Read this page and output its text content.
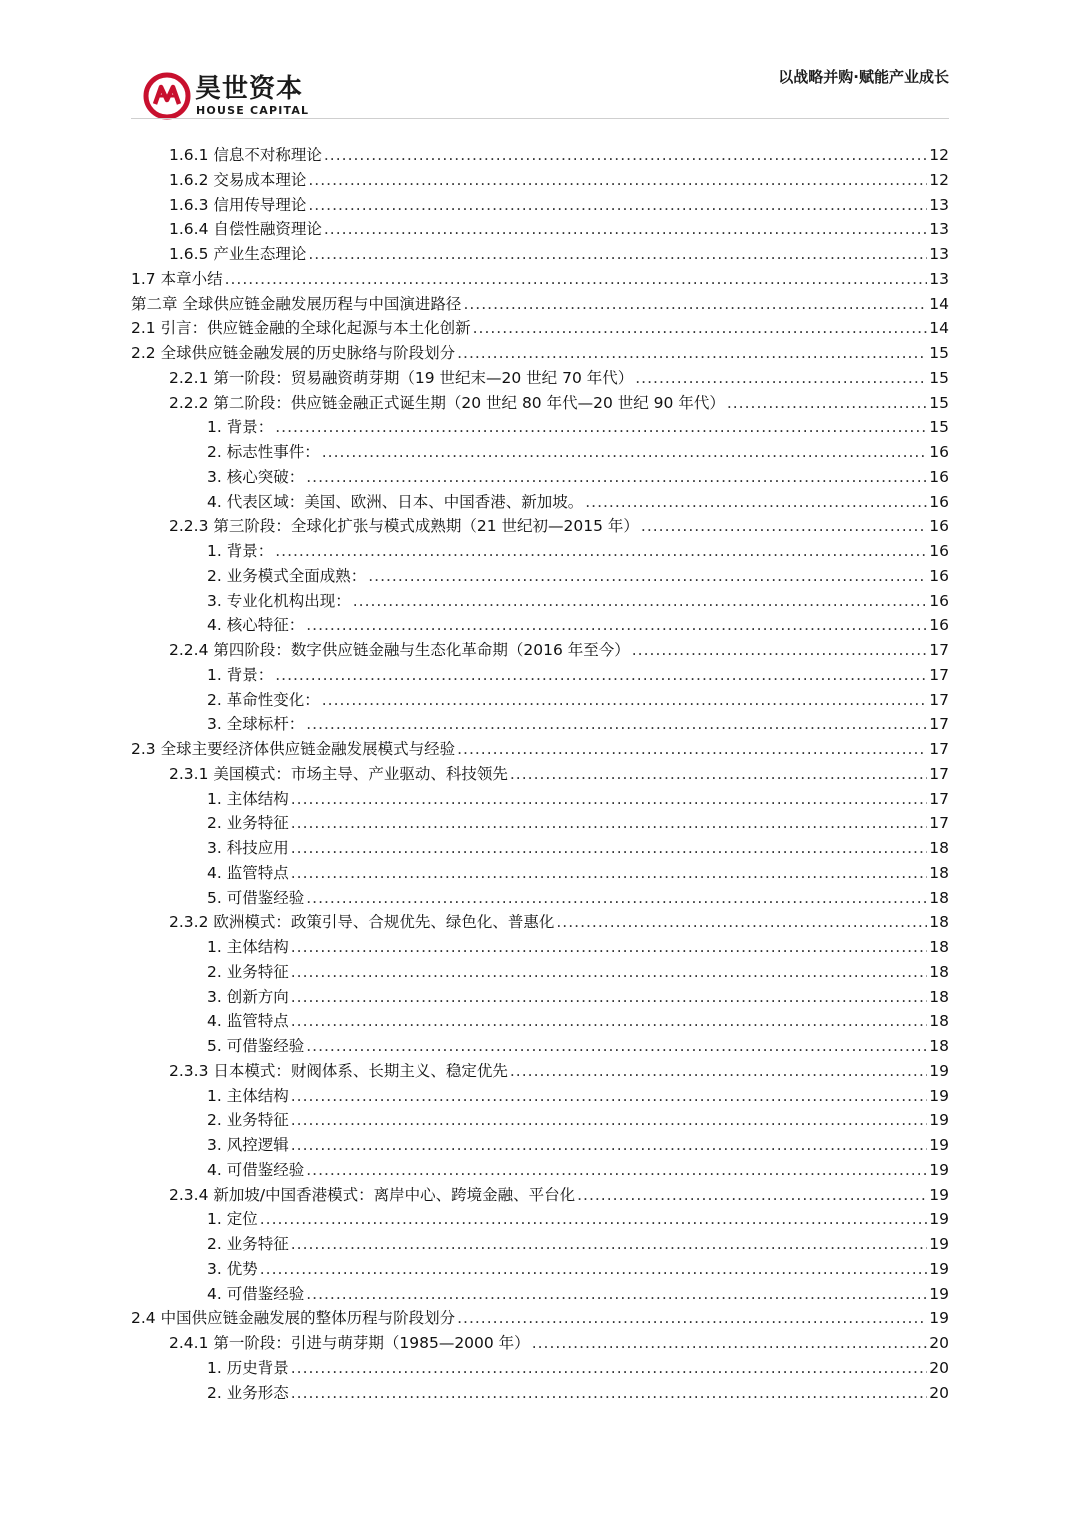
昊世资本
HOUSE CAPITAL
以战略并购·赋能产业成长
1.6.1 信息不对称理论 .....	12
1.6.2 交易成本理论 .....	12
1.6.3 信用传导理论 .....	13
1.6.4 自偿性融资理论 .....	13
1.6.5 产业生态理论 .....	13
1.7 本章小结 .....	13
第二章 全球供应链金融发展历程与中国演进路径 .....	14
2.1 引言：供应链金融的全球化起源与本土化创新 .....	14
2.2 全球供应链金融发展的历史脉络与阶段划分 .....	15
2.2.1 第一阶段：贸易融资萌芽期（19 世纪末—20 世纪 70 年代） .....	15
2.2.2 第二阶段：供应链金融正式诞生期（20 世纪 80 年代—20 世纪 90 年代） .....	15
1. 背景： .....	15
2. 标志性事件： .....	16
3. 核心突破： .....	16
4. 代表区域：美国、欧洲、日本、中国香港、新加坡。 .....	16
2.2.3 第三阶段：全球化扩张与模式成熟期（21 世纪初—2015 年） .....	16
1. 背景： .....	16
2. 业务模式全面成熟： .....	16
3. 专业化机构出现： .....	16
4. 核心特征： .....	16
2.2.4 第四阶段：数字供应链金融与生态化革命期（2016 年至今） .....	17
1. 背景： .....	17
2. 革命性变化： .....	17
3. 全球标杆： .....	17
2.3 全球主要经济体供应链金融发展模式与经验 .....	17
2.3.1 美国模式：市场主导、产业驱动、科技领先 .....	17
1. 主体结构 .....	17
2. 业务特征 .....	17
3. 科技应用 .....	18
4. 监管特点 .....	18
5. 可借鉴经验 .....	18
2.3.2 欧洲模式：政策引导、合规优先、绿色化、普惠化 .....	18
1. 主体结构 .....	18
2. 业务特征 .....	18
3. 创新方向 .....	18
4. 监管特点 .....	18
5. 可借鉴经验 .....	18
2.3.3 日本模式：财阀体系、长期主义、稳定优先 .....	19
1. 主体结构 .....	19
2. 业务特征 .....	19
3. 风控逻辑 .....	19
4. 可借鉴经验 .....	19
2.3.4 新加坡/中国香港模式：离岸中心、跨境金融、平台化 .....	19
1. 定位 .....	19
2. 业务特征 .....	19
3. 优势 .....	19
4. 可借鉴经验 .....	19
2.4 中国供应链金融发展的整体历程与阶段划分 .....	19
2.4.1 第一阶段：引进与萌芽期（1985—2000 年） .....	20
1. 历史背景 .....	20
2. 业务形态 .....	20
